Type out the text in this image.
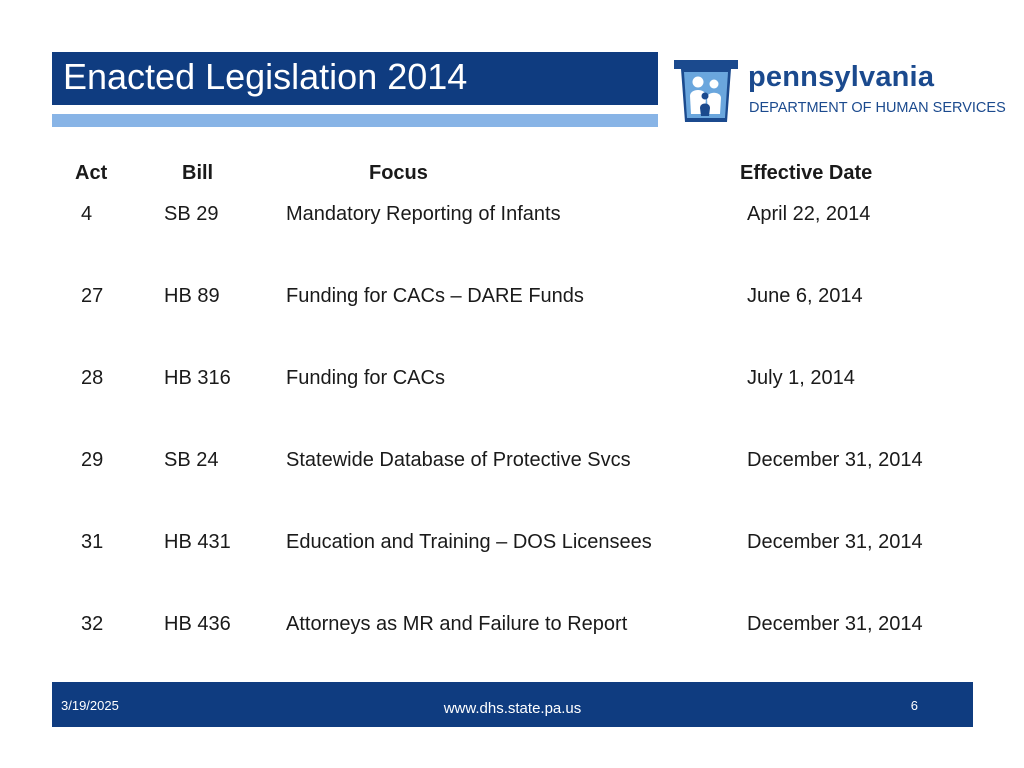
Enacted Legislation 2014	pennsylvania
DEPARTMENT OF HUMAN SERVICES
Act	Bill	Focus	Effective Date
4	SB 29	Mandatory Reporting of Infants	April 22, 2014
27	HB 89	Funding for CACs – DARE Funds	June 6, 2014
28	HB 316	Funding for CACs	July 1, 2014
29	SB 24	Statewide Database of Protective Svcs	December 31, 2014
31	HB 431	Education and Training – DOS Licensees	December 31, 2014
32	HB 436	Attorneys as MR and Failure to Report	December 31, 2014
3/19/2025	www.dhs.state.pa.us	6
